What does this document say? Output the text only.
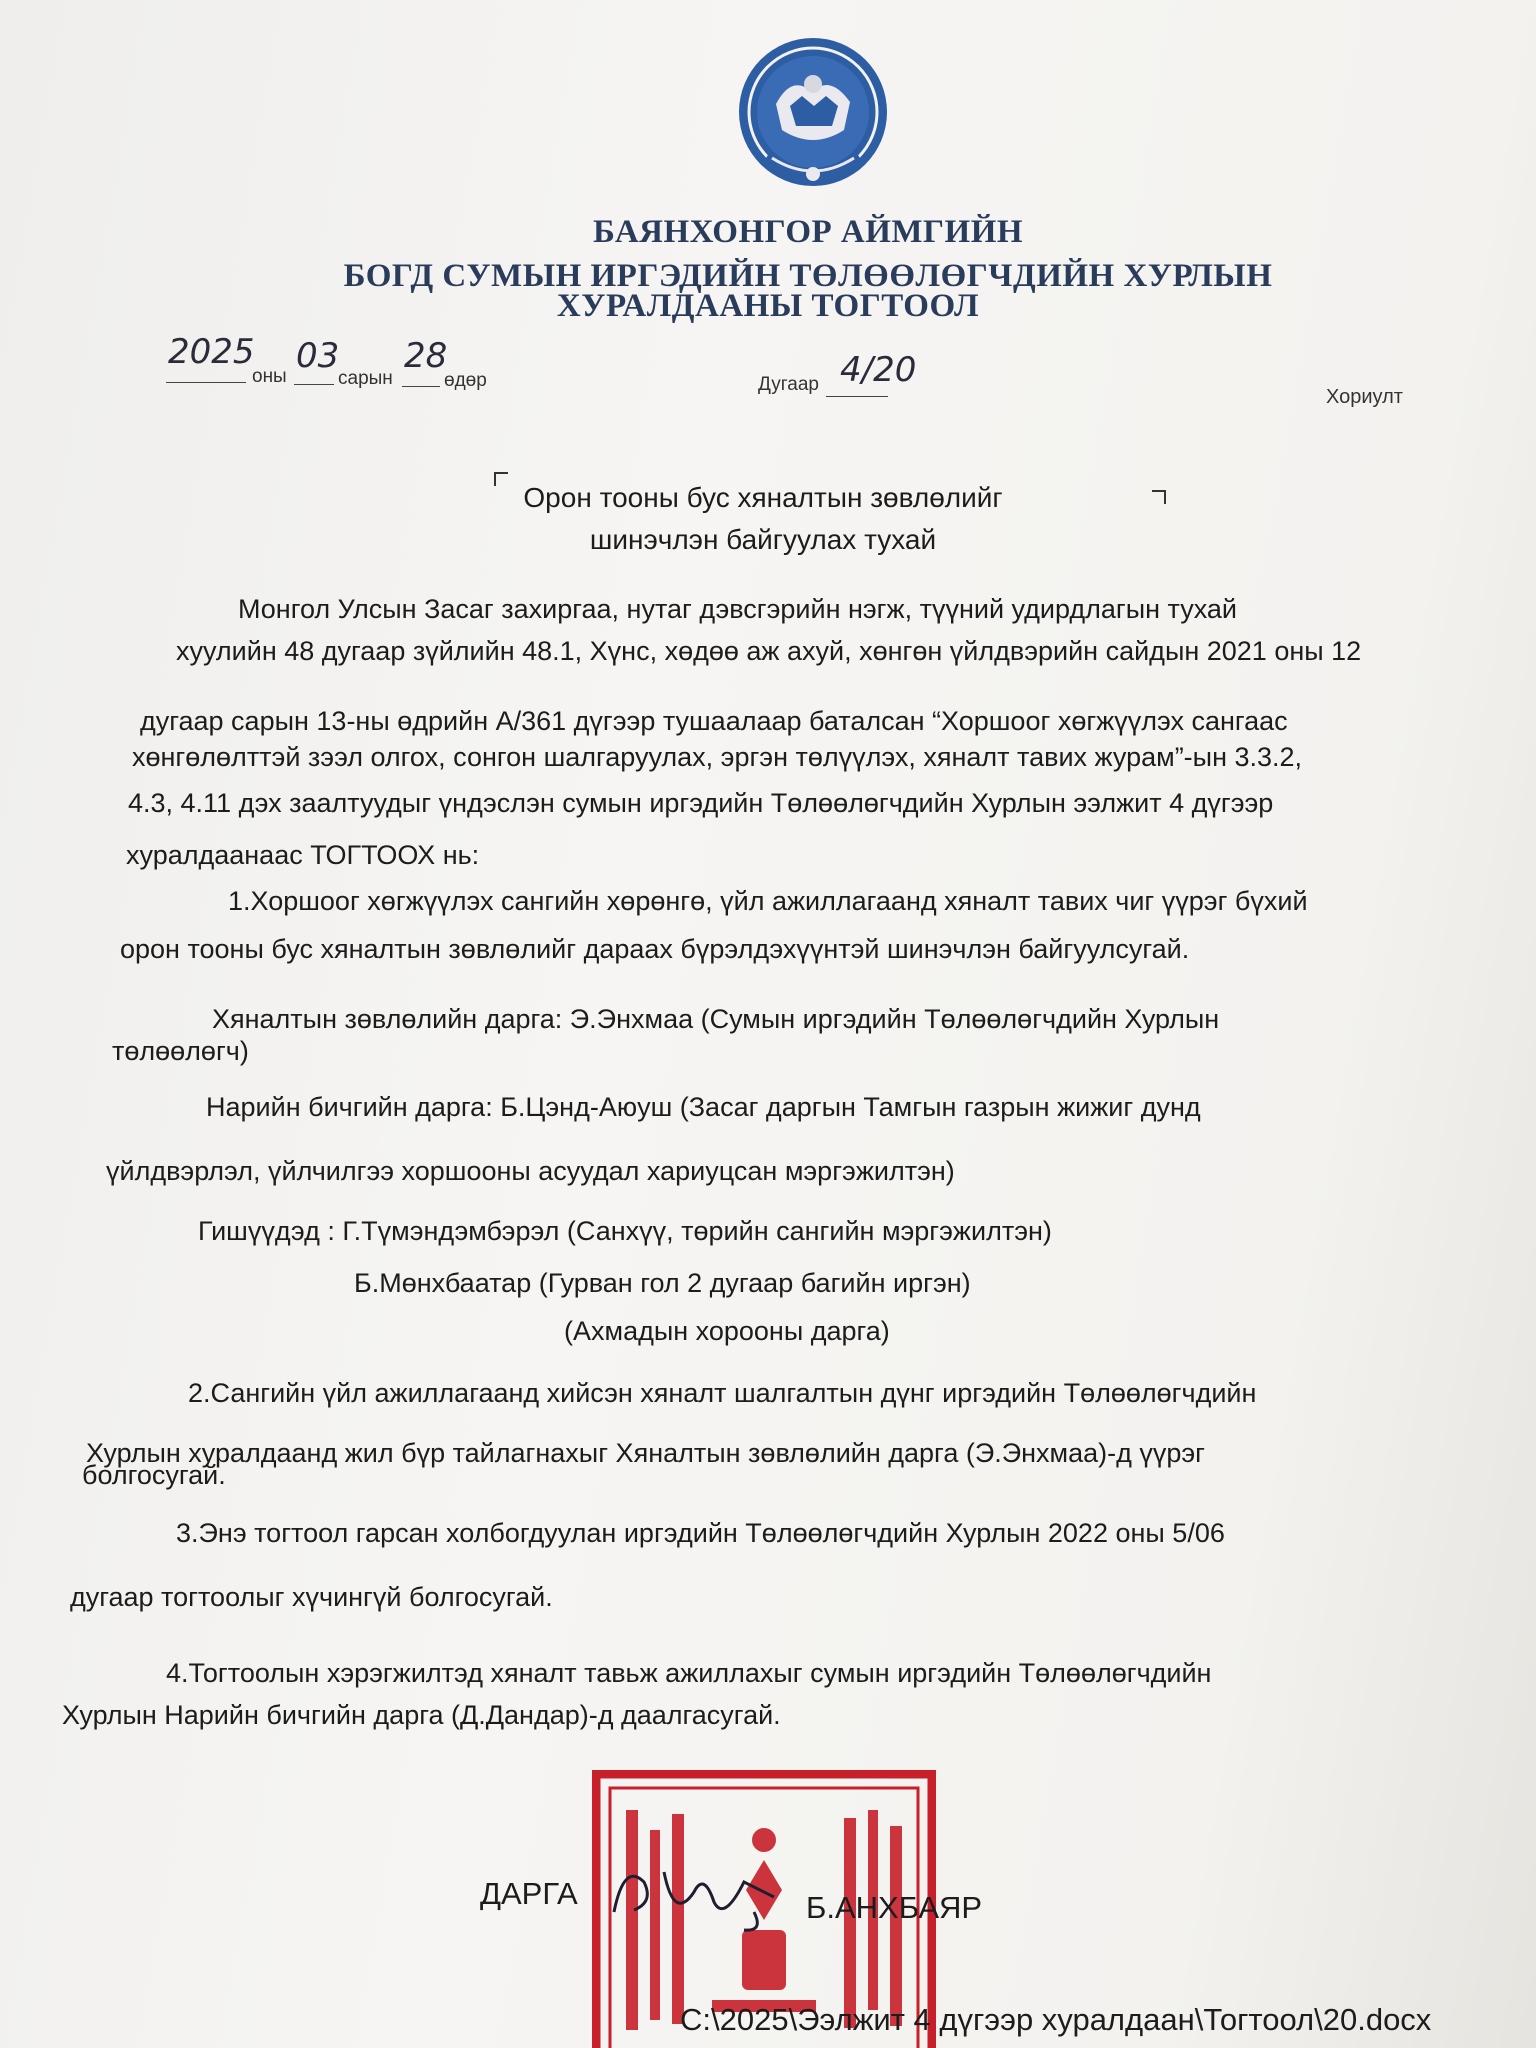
БАЯНХОНГОР АЙМГИЙН
БОГД СУМЫН ИРГЭДИЙН ТӨЛӨӨЛӨГЧДИЙН ХУРЛЫН
ХУРАЛДААНЫ ТОГТООЛ
2025
оны
03
сарын
28
өдөр	Дугаар 4/20
Хориулт
Орон тооны бус хяналтын зөвлөлийг
шинэчлэн байгуулах тухай
Монгол Улсын Засаг захиргаа, нутаг дэвсгэрийн нэгж, түүний удирдлагын тухай
хуулийн 48 дугаар зүйлийн 48.1, Хүнс, хөдөө аж ахуй, хөнгөн үйлдвэрийн сайдын 2021 оны 12
дугаар сарын 13-ны өдрийн А/361 дүгээр тушаалаар баталсан “Хоршоог хөгжүүлэх сангаас
хөнгөлөлттэй зээл олгох, сонгон шалгаруулах, эргэн төлүүлэх, хяналт тавих журам”-ын 3.3.2,
4.3, 4.11 дэх заалтуудыг үндэслэн сумын иргэдийн Төлөөлөгчдийн Хурлын ээлжит 4 дүгээр
хуралдаанаас ТОГТООХ нь:
1.Хоршоог хөгжүүлэх сангийн хөрөнгө, үйл ажиллагаанд хяналт тавих чиг үүрэг бүхий
орон тооны бус хяналтын зөвлөлийг дараах бүрэлдэхүүнтэй шинэчлэн байгуулсугай.
Хяналтын зөвлөлийн дарга: Э.Энхмаа (Сумын иргэдийн Төлөөлөгчдийн Хурлын
төлөөлөгч)
Нарийн бичгийн дарга: Б.Цэнд-Аюуш (Засаг даргын Тамгын газрын жижиг дунд
үйлдвэрлэл, үйлчилгээ хоршооны асуудал хариуцсан мэргэжилтэн)
Гишүүдэд : Г.Түмэндэмбэрэл (Санхүү, төрийн сангийн мэргэжилтэн)
Б.Мөнхбаатар (Гурван гол 2 дугаар багийн иргэн)
(Ахмадын хорооны дарга)
2.Сангийн үйл ажиллагаанд хийсэн хяналт шалгалтын дүнг иргэдийн Төлөөлөгчдийн
Хурлын хуралдаанд жил бүр тайлагнахыг Хяналтын зөвлөлийн дарга (Э.Энхмаа)-д үүрэг
болгосугай.
3.Энэ тогтоол гарсан холбогдуулан иргэдийн Төлөөлөгчдийн Хурлын 2022 оны 5/06
дугаар тогтоолыг хүчингүй болгосугай.
4.Тогтоолын хэрэгжилтэд хяналт тавьж ажиллахыг сумын иргэдийн Төлөөлөгчдийн
Хурлын Нарийн бичгийн дарга (Д.Дандар)-д даалгасугай.
ДАРГА	Б.АНХБАЯР
C:\2025\Ээлжит 4 дүгээр хуралдаан\Тогтоол\20.docx
